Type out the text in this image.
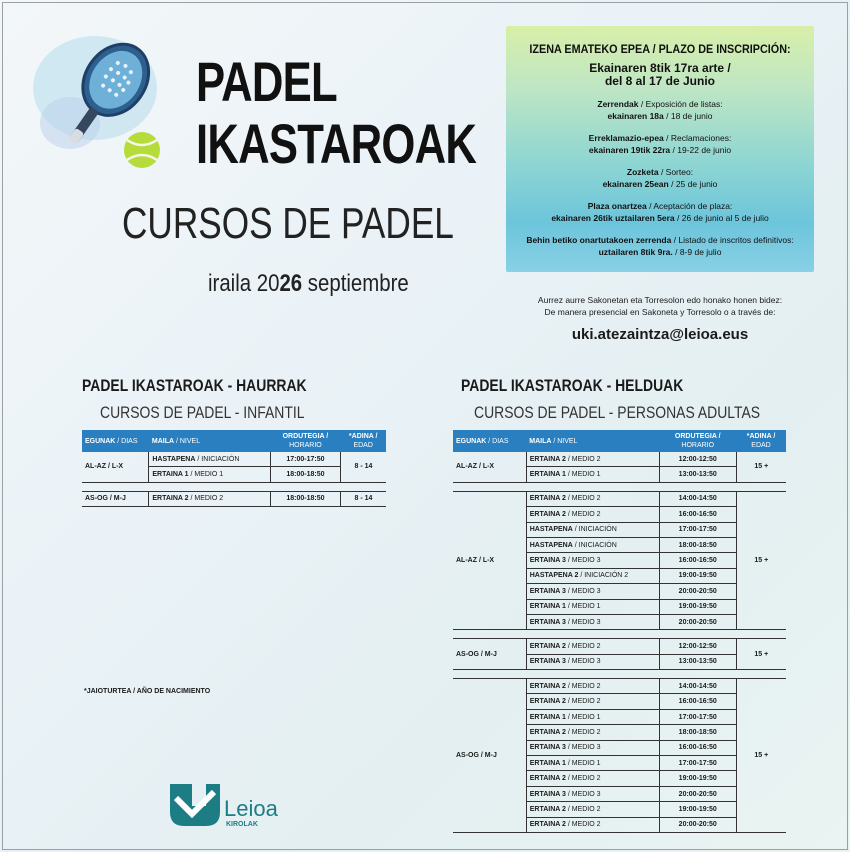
PADEL
IKASTAROAK
CURSOS DE PADEL
iraila 2026 septiembre
IZENA EMATEKO EPEA / PLAZO DE INSCRIPCIÓN:
Ekainaren 8tik 17ra arte /
del 8 al 17 de Junio
Zerrendak / Exposición de listas:
ekainaren 18a / 18 de junio
Erreklamazio-epea / Reclamaciones:
ekainaren 19tik 22ra / 19-22 de junio
Zozketa / Sorteo:
ekainaren 25ean / 25 de junio
Plaza onartzea / Aceptación de plaza:
ekainaren 26tik uztailaren 5era / 26 de junio al 5 de julio
Behin betiko onartutakoen zerrenda / Listado de inscritos definitivos:
uztailaren 8tik 9ra. / 8-9 de julio
Aurrez aurre Sakonetan eta Torresolon edo honako honen bidez:
De manera presencial en Sakoneta y Torresolo o a través de:
uki.atezaintza@leioa.eus
PADEL IKASTAROAK - HAURRAK
CURSOS DE PADEL - INFANTIL
PADEL IKASTAROAK - HELDUAK
CURSOS DE PADEL - PERSONAS ADULTAS
EGUNAK / DIAS	MAILA / NIVEL	ORDUTEGIA /
HORARIO	*ADINA /
EDAD
AL-AZ / L-X	HASTAPENA / INICIACIÓN	17:00-17:50	8 - 14
	ERTAINA 1 / MEDIO 1	18:00-18:50	

AS-OG / M-J	ERTAINA 2 / MEDIO 2	18:00-18:50	8 - 14
EGUNAK / DIAS	MAILA / NIVEL	ORDUTEGIA /
HORARIO	*ADINA /
EDAD
AL-AZ / L-X	ERTAINA 2 / MEDIO 2	12:00-12:50	15 +
	ERTAINA 1 / MEDIO 1	13:00-13:50	

AL-AZ / L-X	ERTAINA 2 / MEDIO 2	14:00-14:50	15 +
	ERTAINA 2 / MEDIO 2	16:00-16:50	
	HASTAPENA / INICIACIÓN	17:00-17:50	
	HASTAPENA / INICIACIÓN	18:00-18:50	
	ERTAINA 3 / MEDIO 3	16:00-16:50	
	HASTAPENA 2 / INICIACIÓN 2	19:00-19:50	
	ERTAINA 3 / MEDIO 3	20:00-20:50	
	ERTAINA 1 / MEDIO 1	19:00-19:50	
	ERTAINA 3 / MEDIO 3	20:00-20:50	

AS-OG / M-J	ERTAINA 2 / MEDIO 2	12:00-12:50	15 +
	ERTAINA 3 / MEDIO 3	13:00-13:50	

AS-OG / M-J	ERTAINA 2 / MEDIO 2	14:00-14:50	15 +
	ERTAINA 2 / MEDIO 2	16:00-16:50	
	ERTAINA 1 / MEDIO 1	17:00-17:50	
	ERTAINA 2 / MEDIO 2	18:00-18:50	
	ERTAINA 3 / MEDIO 3	16:00-16:50	
	ERTAINA 1 / MEDIO 1	17:00-17:50	
	ERTAINA 2 / MEDIO 2	19:00-19:50	
	ERTAINA 3 / MEDIO 3	20:00-20:50	
	ERTAINA 2 / MEDIO 2	19:00-19:50	
	ERTAINA 2 / MEDIO 2	20:00-20:50	
*JAIOTURTEA / AÑO DE NACIMIENTO
Leioa
KIROLAK
